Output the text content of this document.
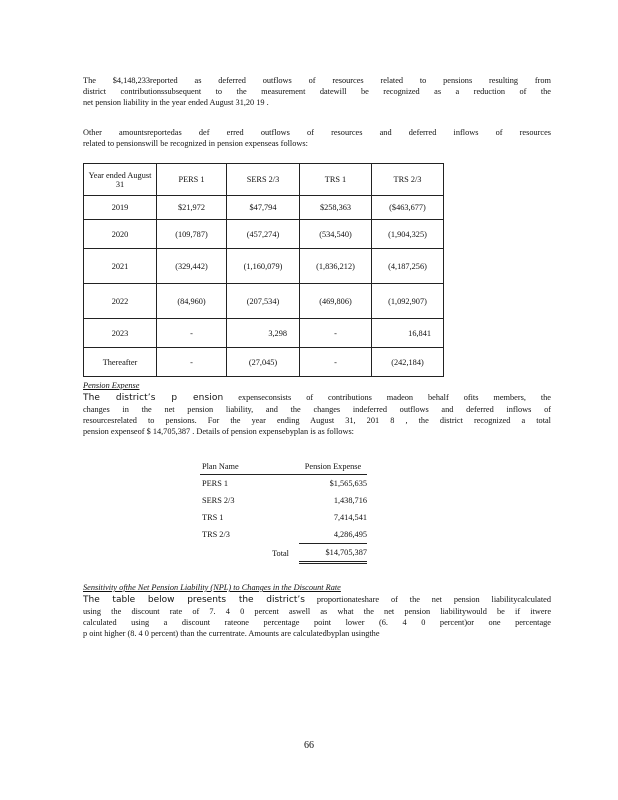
The $4,148,233reported as deferred outflows of resources related to pensions resulting from
district contributionssubsequent to the measurement datewill be recognized as a reduction of the
net pension liability in the year ended August 31,20 19 .
Other amountsreportedas def erred outflows of resources and deferred inflows of resources
related to pensionswill be recognized in pension expenseas follows:
Year ended August 31	PERS 1	SERS 2/3	TRS 1	TRS 2/3
2019	$21,972	$47,794	$258,363	($463,677)
2020	(109,787)	(457,274)	(534,540)	(1,904,325)
2021	(329,442)	(1,160,079)	(1,836,212)	(4,187,256)
2022	(84,960)	(207,534)	(469,806)	(1,092,907)
2023	-	3,298	-	16,841
Thereafter	-	(27,045)	-	(242,184)

Pension Expense

The district’s p ension expenseconsists of contributions madeon behalf ofits members, the
changes in the net pension liability, and the changes indeferred outflows and deferred inflows of
resourcesrelated to pensions. For the year ending August 31, 201 8 , the district recognized a total
pension expenseof $ 14,705,387 . Details of pension expensebyplan is as follows:
Plan Name	Pension Expense
PERS 1	$1,565,635
SERS 2/3	1,438,716
TRS 1	7,414,541
TRS 2/3	4,286,495
Total	$14,705,387

Sensitivity ofthe Net Pension Liability (NPL) to Changes in the Discount Rate

The table below presents the district’s proportionateshare of the net pension liabilitycalculated
using the discount rate of 7. 4 0 percent aswell as what the net pension liabilitywould be if itwere
calculated using a discount rateone percentage point lower (6. 4 0 percent)or one percentage
p oint higher (8. 4 0 percent) than the currentrate. Amounts are calculatedbyplan usingthe
66
